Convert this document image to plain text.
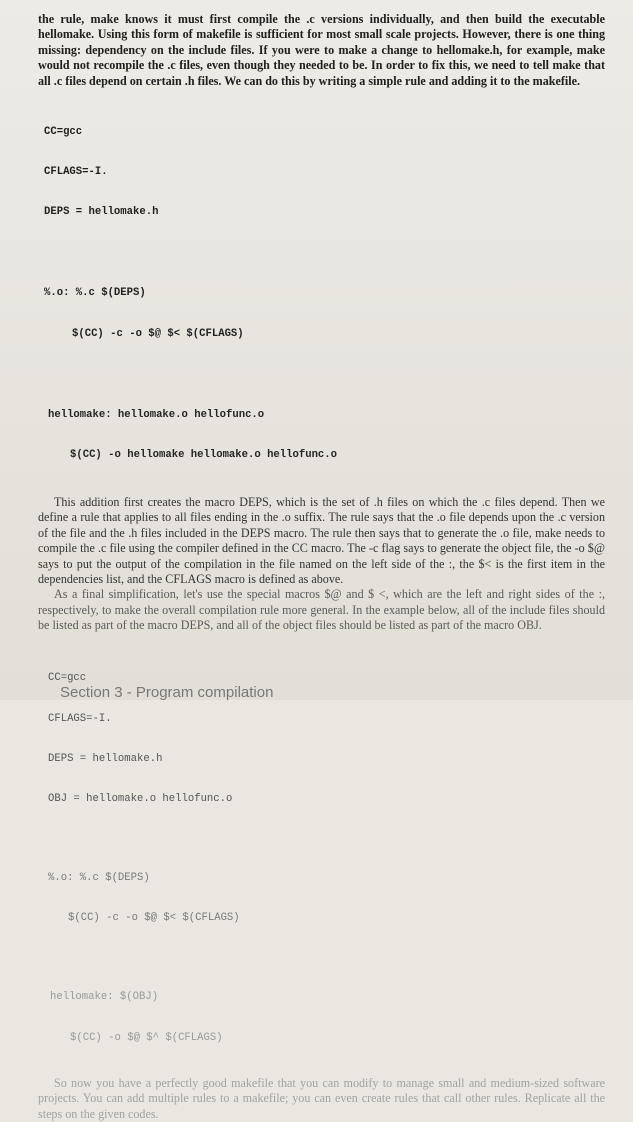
the rule, make knows it must first compile the .c versions individually, and then build the executable hellomake. Using this form of makefile is sufficient for most small scale projects. However, there is one thing missing: dependency on the include files. If you were to make a change to hellomake.h, for example, make would not recompile the .c files, even though they needed to be. In order to fix this, we need to tell make that all .c files depend on certain .h files. We can do this by writing a simple rule and adding it to the makefile.

CC=gcc

CFLAGS=-I.

DEPS = hellomake.h

%.o: %.c $(DEPS)

$(CC) -c -o $@ $< $(CFLAGS)

hellomake: hellomake.o hellofunc.o

$(CC) -o hellomake hellomake.o hellofunc.o

This addition first creates the macro DEPS, which is the set of .h files on which the .c files depend. Then we define a rule that applies to all files ending in the .o suffix. The rule says that the .o file depends upon the .c version of the file and the .h files included in the DEPS macro. The rule then says that to generate the .o file, make needs to compile the .c file using the compiler defined in the CC macro. The -c flag says to generate the object file, the -o $@ says to put the output of the compilation in the file named on the left side of the :, the $< is the first item in the dependencies list, and the CFLAGS macro is defined as above.

As a final simplification, let's use the special macros $@ and $ <, which are the left and right sides of the :, respectively, to make the overall compilation rule more general. In the example below, all of the include files should be listed as part of the macro DEPS, and all of the object files should be listed as part of the macro OBJ.

CC=gcc

CFLAGS=-I.

DEPS = hellomake.h

OBJ = hellomake.o hellofunc.o

%.o: %.c $(DEPS)

$(CC) -c -o $@ $< $(CFLAGS)

hellomake: $(OBJ)

$(CC) -o $@ $^ $(CFLAGS)

So now you have a perfectly good makefile that you can modify to manage small and medium-sized software projects. You can add multiple rules to a makefile; you can even create rules that call other rules. Replicate all the steps on the given codes.

Section 3 - Program compilation
